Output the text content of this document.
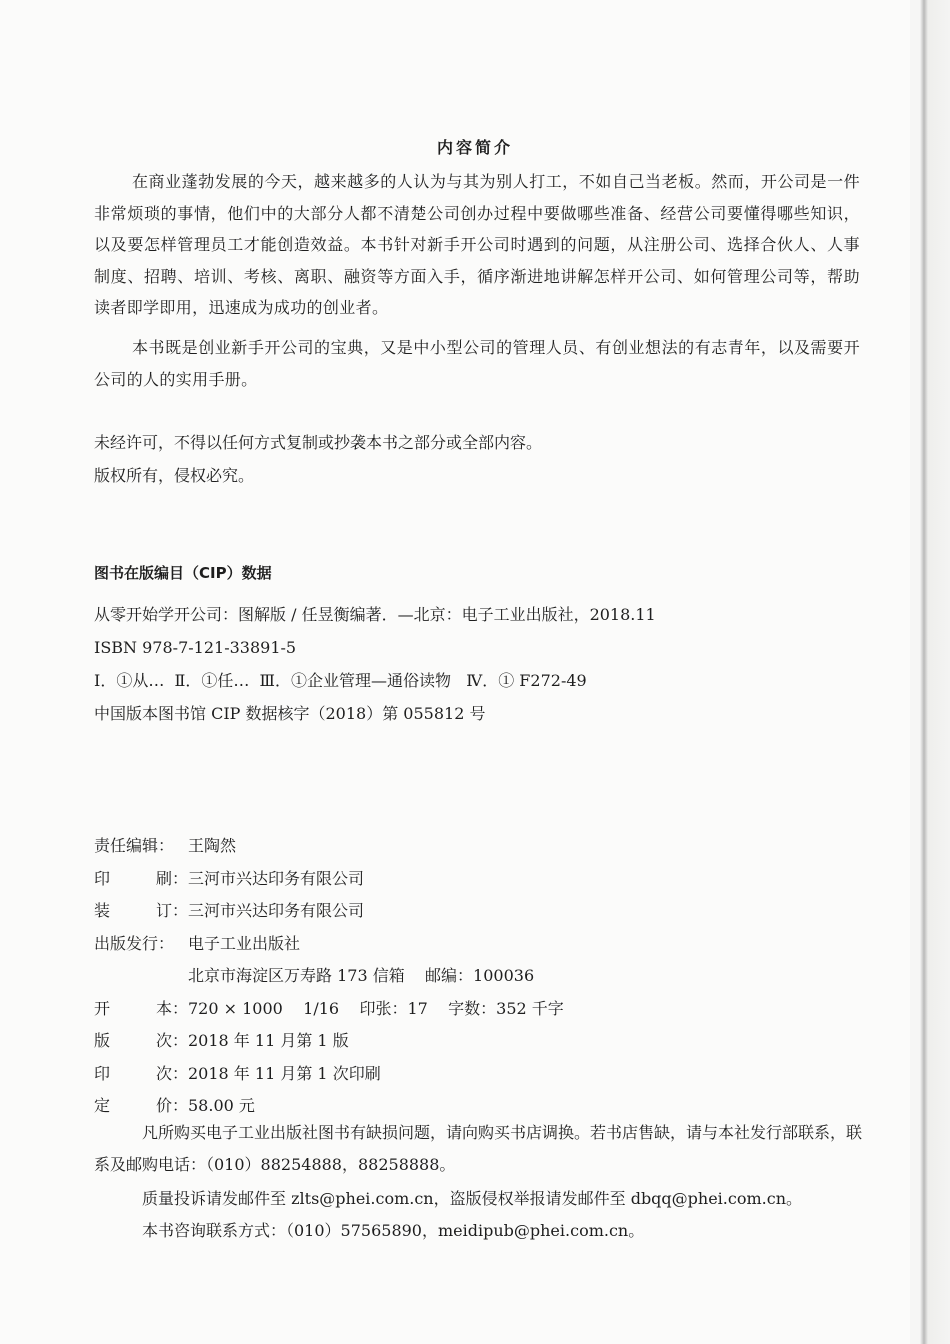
内容简介

在商业蓬勃发展的今天，越来越多的人认为与其为别人打工，不如自己当老板。然而，开公司是一件非常烦琐的事情，他们中的大部分人都不清楚公司创办过程中要做哪些准备、经营公司要懂得哪些知识，以及要怎样管理员工才能创造效益。本书针对新手开公司时遇到的问题，从注册公司、选择合伙人、人事制度、招聘、培训、考核、离职、融资等方面入手，循序渐进地讲解怎样开公司、如何管理公司等，帮助读者即学即用，迅速成为成功的创业者。

本书既是创业新手开公司的宝典，又是中小型公司的管理人员、有创业想法的有志青年，以及需要开公司的人的实用手册。

未经许可，不得以任何方式复制或抄袭本书之部分或全部内容。
版权所有，侵权必究。
图书在版编目（CIP）数据
从零开始学开公司：图解版 / 任昱衡编著．—北京：电子工业出版社，2018.11
ISBN 978-7-121-33891-5
Ⅰ．①从…  Ⅱ．①任…  Ⅲ．①企业管理—通俗读物   Ⅳ．① F272-49
中国版本图书馆 CIP 数据核字（2018）第 055812 号
责任编辑： 王陶然
印	刷： 三河市兴达印务有限公司
装	订： 三河市兴达印务有限公司
出版发行： 电子工业出版社
北京市海淀区万寿路 173 信箱    邮编：100036
开	本： 720 × 1000    1/16    印张：17    字数：352 千字
版	次： 2018 年 11 月第 1 版
印	次： 2018 年 11 月第 1 次印刷
定	价： 58.00 元

凡所购买电子工业出版社图书有缺损问题，请向购买书店调换。若书店售缺，请与本社发行部联系，联系及邮购电话：（010）88254888，88258888。

质量投诉请发邮件至 zlts@phei.com.cn，盗版侵权举报请发邮件至 dbqq@phei.com.cn。
本书咨询联系方式：（010）57565890，meidipub@phei.com.cn。
